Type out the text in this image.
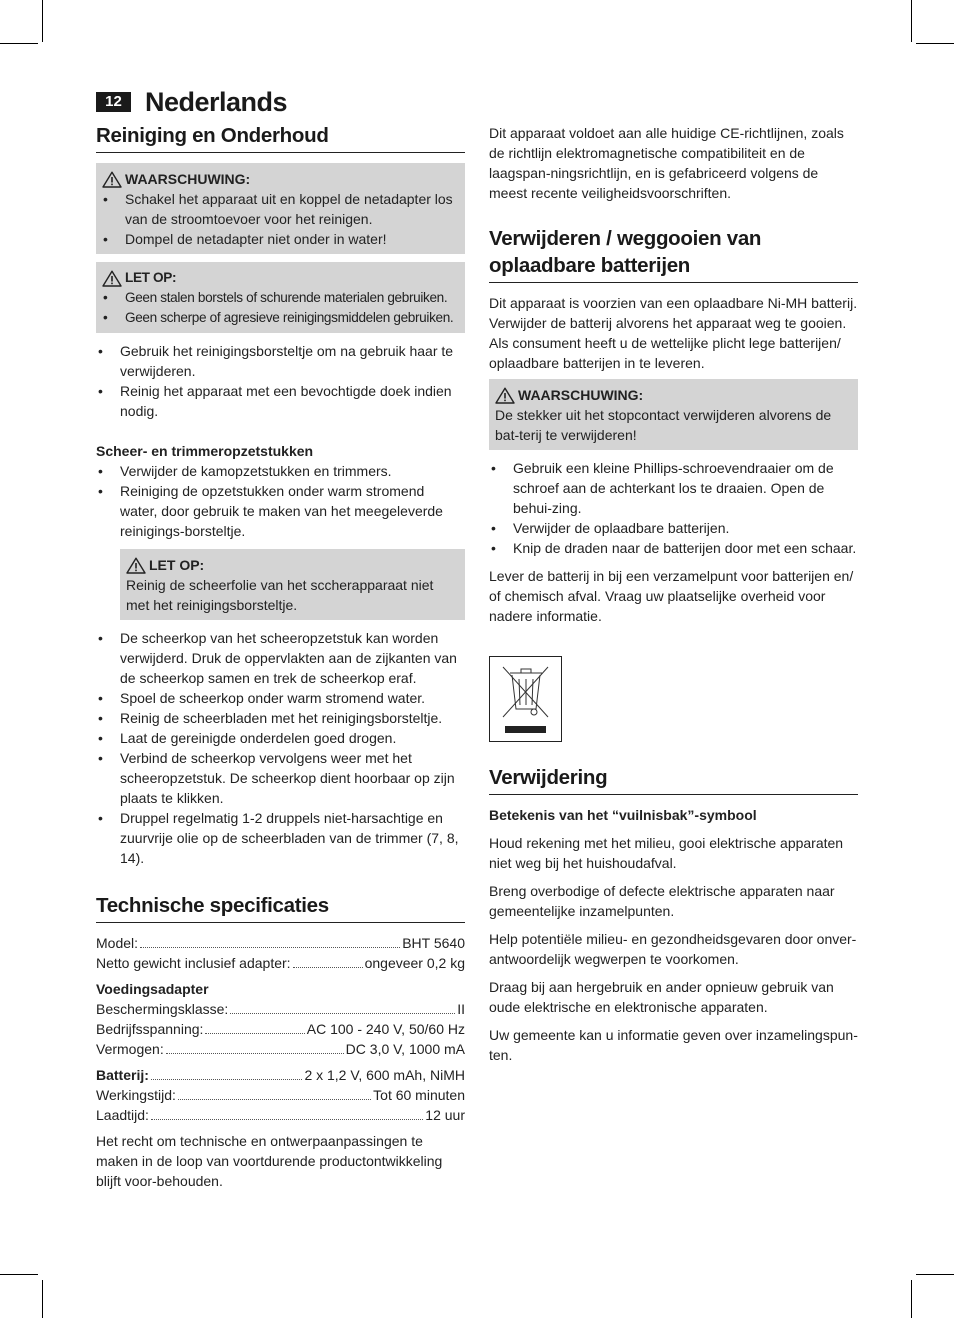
12 Nederlands
Reiniging en Onderhoud
WAARSCHUWING:
• Schakel het apparaat uit en koppel de netadapter los van de stroomtoevoer voor het reinigen.
• Dompel de netadapter niet onder in water!
LET OP:
• Geen stalen borstels of schurende materialen gebruiken.
• Geen scherpe of agresieve reinigingsmiddelen gebruiken.
• Gebruik het reinigingsborsteltje om na gebruik haar te verwijderen.
• Reinig het apparaat met een bevochtigde doek indien nodig.

Scheer- en trimmeropzetstukken

• Verwijder de kamopzetstukken en trimmers.
• Reiniging de opzetstukken onder warm stromend water, door gebruik te maken van het meegeleverde reinigings-borsteltje.
LET OP:
Reinig de scheerfolie van het sccherapparaat niet met het reinigingsborsteltje.
• De scheerkop van het scheeropzetstuk kan worden verwijderd. Druk de oppervlakten aan de zijkanten van de scheerkop samen en trek de scheerkop eraf.
• Spoel de scheerkop onder warm stromend water.
• Reinig de scheerbladen met het reinigingsborsteltje.
• Laat de gereinigde onderdelen goed drogen.
• Verbind de scheerkop vervolgens weer met het scheeropzetstuk. De scheerkop dient hoorbaar op zijn plaats te klikken.
• Druppel regelmatig 1-2 druppels niet-harsachtige en zuurvrije olie op de scheerbladen van de trimmer (7, 8, 14).
Technische specificaties
Model:	BHT 5640
Netto gewicht inclusief adapter:	ongeveer 0,2 kg

Voedingsadapter

Beschermingsklasse:	II
Bedrijfsspanning:	AC 100 - 240 V, 50/60 Hz
Vermogen:	DC 3,0 V, 1000 mA
Batterij:	2 x 1,2 V, 600 mAh, NiMH
Werkingstijd:	Tot 60 minuten
Laadtijd:	12 uur

Het recht om technische en ontwerpaanpassingen te maken in de loop van voortdurende productontwikkeling blijft voor-behouden.

Dit apparaat voldoet aan alle huidige CE-richtlijnen, zoals de richtlijn elektromagnetische compatibiliteit en de laagspan-ningsrichtlijn, en is gefabriceerd volgens de meest recente veiligheidsvoorschriften.

Verwijderen / weggooien van oplaadbare batterijen

Dit apparaat is voorzien van een oplaadbare Ni-MH batterij. Verwijder de batterij alvorens het apparaat weg te gooien. Als consument heeft u de wettelijke plicht lege batterijen/ oplaadbare batterijen in te leveren.

WAARSCHUWING:
De stekker uit het stopcontact verwijderen alvorens de bat-terij te verwijderen!
• Gebruik een kleine Phillips-schroevendraaier om de schroef aan de achterkant los te draaien. Open de behui-zing.
• Verwijder de oplaadbare batterijen.
• Knip de draden naar de batterijen door met een schaar.

Lever de batterij in bij een verzamelpunt voor batterijen en/ of chemisch afval. Vraag uw plaatselijke overheid voor nadere informatie.

Verwijdering

Betekenis van het “vuilnisbak”-symbool

Houd rekening met het milieu, gooi elektrische apparaten niet weg bij het huishoudafval.

Breng overbodige of defecte elektrische apparaten naar gemeentelijke inzamelpunten.

Help potentiële milieu- en gezondheidsgevaren door onver-antwoordelijk wegwerpen te voorkomen.

Draag bij aan hergebruik en ander opnieuw gebruik van oude elektrische en elektronische apparaten.

Uw gemeente kan u informatie geven over inzamelingspun-ten.
